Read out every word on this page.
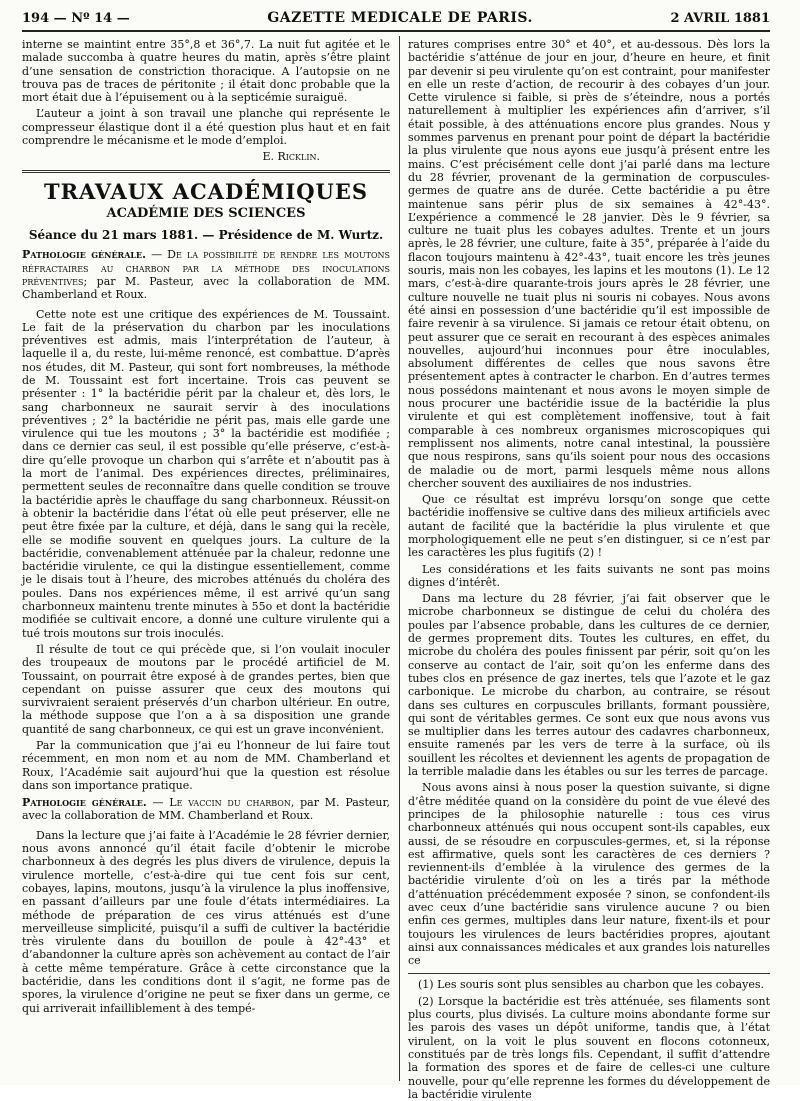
194 — Nº 14 —	GAZETTE MEDICALE DE PARIS.	2 AVRIL 1881

interne se maintint entre 35°,8 et 36°,7. La nuit fut agitée et le malade succomba à quatre heures du matin, après s’être plaint d’une sensation de constriction thoracique. A l’autopsie on ne trouva pas de traces de péritonite ; il était donc probable que la mort était due à l’épuisement ou à la septicémie suraiguë.

L’auteur a joint à son travail une planche qui représente le compresseur élastique dont il a été question plus haut et en fait comprendre le mécanisme et le mode d’emploi.

E. Ricklin.
TRAVAUX ACADÉMIQUES
ACADÉMIE DES SCIENCES
Séance du 21 mars 1881. — Présidence de M. Wurtz.

Pathologie générale. — De la possibilité de rendre les moutons réfractaires au charbon par la méthode des inoculations préventives; par M. Pasteur, avec la collaboration de MM. Chamberland et Roux.

Cette note est une critique des expériences de M. Toussaint. Le fait de la préservation du charbon par les inoculations préventives est admis, mais l’interprétation de l’auteur, à laquelle il a, du reste, lui-même renoncé, est combattue. D’après nos études, dit M. Pasteur, qui sont fort nombreuses, la méthode de M. Toussaint est fort incertaine. Trois cas peuvent se présenter : 1° la bactéridie périt par la chaleur et, dès lors, le sang charbonneux ne saurait servir à des inoculations préventives ; 2° la bactéridie ne périt pas, mais elle garde une virulence qui tue les moutons ; 3° la bactéridie est modifiée ; dans ce dernier cas seul, il est possible qu’elle préserve, c’est-à-dire qu’elle provoque un charbon qui s’arrête et n’aboutit pas à la mort de l’animal. Des expériences directes, préliminaires, permettent seules de reconnaître dans quelle condition se trouve la bactéridie après le chauffage du sang charbonneux. Réussit-on à obtenir la bactéridie dans l’état où elle peut préserver, elle ne peut être fixée par la culture, et déjà, dans le sang qui la recèle, elle se modifie souvent en quelques jours. La culture de la bactéridie, convenablement atténuée par la chaleur, redonne une bactéridie virulente, ce qui la distingue essentiellement, comme je le disais tout à l’heure, des microbes atténués du choléra des poules. Dans nos expériences même, il est arrivé qu’un sang charbonneux maintenu trente minutes à 55o et dont la bactéridie modifiée se cultivait encore, a donné une culture virulente qui a tué trois moutons sur trois inoculés.

Il résulte de tout ce qui précède que, si l’on voulait inoculer des troupeaux de moutons par le procédé artificiel de M. Toussaint, on pourrait être exposé à de grandes pertes, bien que cependant on puisse assurer que ceux des moutons qui survivraient seraient préservés d’un charbon ultérieur. En outre, la méthode suppose que l’on a à sa disposition une grande quantité de sang charbonneux, ce qui est un grave inconvénient.

Par la communication que j’ai eu l’honneur de lui faire tout récemment, en mon nom et au nom de MM. Chamberland et Roux, l’Académie sait aujourd’hui que la question est résolue dans son importance pratique.

Pathologie générale. — Le vaccin du charbon, par M. Pasteur, avec la collaboration de MM. Chamberland et Roux.

Dans la lecture que j’ai faite à l’Académie le 28 février dernier, nous avons annoncé qu’il était facile d’obtenir le microbe charbonneux à des degrés les plus divers de virulence, depuis la virulence mortelle, c’est-à-dire qui tue cent fois sur cent, cobayes, lapins, moutons, jusqu’à la virulence la plus inoffensive, en passant d’ailleurs par une foule d’états intermédiaires. La méthode de préparation de ces virus atténués est d’une merveilleuse simplicité, puisqu’il a suffi de cultiver la bactéridie très virulente dans du bouillon de poule à 42°-43° et d’abandonner la culture après son achèvement au contact de l’air à cette même température. Grâce à cette circonstance que la bactéridie, dans les conditions dont il s’agit, ne forme pas de spores, la virulence d’origine ne peut se fixer dans un germe, ce qui arriverait infailliblement à des tempé-

ratures comprises entre 30° et 40°, et au-dessous. Dès lors la bactéridie s’atténue de jour en jour, d’heure en heure, et finit par devenir si peu virulente qu’on est contraint, pour manifester en elle un reste d’action, de recourir à des cobayes d’un jour. Cette virulence si faible, si près de s’éteindre, nous a portés naturellement à multiplier les expériences afin d’arriver, s’il était possible, à des atténuations encore plus grandes. Nous y sommes parvenus en prenant pour point de départ la bactéridie la plus virulente que nous ayons eue jusqu’à présent entre les mains. C’est précisément celle dont j’ai parlé dans ma lecture du 28 février, provenant de la germination de corpuscules-germes de quatre ans de durée. Cette bactéridie a pu être maintenue sans périr plus de six semaines à 42°-43°. L’expérience a commencé le 28 janvier. Dès le 9 février, sa culture ne tuait plus les cobayes adultes. Trente et un jours après, le 28 février, une culture, faite à 35°, préparée à l’aide du flacon toujours maintenu à 42°-43°, tuait encore les très jeunes souris, mais non les cobayes, les lapins et les moutons (1). Le 12 mars, c’est-à-dire quarante-trois jours après le 28 février, une culture nouvelle ne tuait plus ni souris ni cobayes. Nous avons été ainsi en possession d’une bactéridie qu’il est impossible de faire revenir à sa virulence. Si jamais ce retour était obtenu, on peut assurer que ce serait en recourant à des espèces animales nouvelles, aujourd’hui inconnues pour être inoculables, absolument différentes de celles que nous savons être présentement aptes à contracter le charbon. En d’autres termes nous possédons maintenant et nous avons le moyen simple de nous procurer une bactéridie issue de la bactéridie la plus virulente et qui est complètement inoffensive, tout à fait comparable à ces nombreux organismes microscopiques qui remplissent nos aliments, notre canal intestinal, la poussière que nous respirons, sans qu’ils soient pour nous des occasions de maladie ou de mort, parmi lesquels même nous allons chercher souvent des auxiliaires de nos industries.

Que ce résultat est imprévu lorsqu’on songe que cette bactéridie inoffensive se cultive dans des milieux artificiels avec autant de facilité que la bactéridie la plus virulente et que morphologiquement elle ne peut s’en distinguer, si ce n’est par les caractères les plus fugitifs (2) !

Les considérations et les faits suivants ne sont pas moins dignes d’intérêt.

Dans ma lecture du 28 février, j’ai fait observer que le microbe charbonneux se distingue de celui du choléra des poules par l’absence probable, dans les cultures de ce dernier, de germes proprement dits. Toutes les cultures, en effet, du microbe du choléra des poules finissent par périr, soit qu’on les conserve au contact de l’air, soit qu’on les enferme dans des tubes clos en présence de gaz inertes, tels que l’azote et le gaz carbonique. Le microbe du charbon, au contraire, se résout dans ses cultures en corpuscules brillants, formant poussière, qui sont de véritables germes. Ce sont eux que nous avons vus se multiplier dans les terres autour des cadavres charbonneux, ensuite ramenés par les vers de terre à la surface, où ils souillent les récoltes et deviennent les agents de propagation de la terrible maladie dans les étables ou sur les terres de parcage.

Nous avons ainsi à nous poser la question suivante, si digne d’être méditée quand on la considère du point de vue élevé des principes de la philosophie naturelle : tous ces virus charbonneux atténués qui nous occupent sont-ils capables, eux aussi, de se résoudre en corpuscules-germes, et, si la réponse est affirmative, quels sont les caractères de ces derniers ? reviennent-ils d’emblée à la virulence des germes de la bactéridie virulente d’où on les a tirés par la méthode d’atténuation précédemment exposée ? sinon, se confondent-ils avec ceux d’une bactéridie sans virulence aucune ? ou bien enfin ces germes, multiples dans leur nature, fixent-ils et pour toujours les virulences de leurs bactéridies propres, ajoutant ainsi aux connaissances médicales et aux grandes lois naturelles ce

(1) Les souris sont plus sensibles au charbon que les cobayes.

(2) Lorsque la bactéridie est très atténuée, ses filaments sont plus courts, plus divisés. La culture moins abondante forme sur les parois des vases un dépôt uniforme, tandis que, à l’état virulent, on la voit le plus souvent en flocons cotonneux, constitués par de très longs fils. Cependant, il suffit d’attendre la formation des spores et de faire de celles-ci une culture nouvelle, pour qu’elle reprenne les formes du développement de la bactéridie virulente
